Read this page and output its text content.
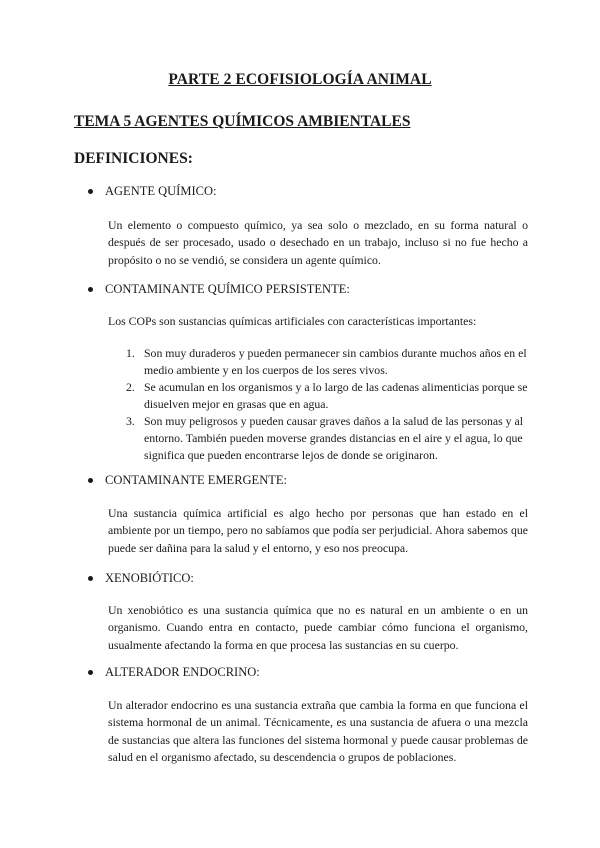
PARTE 2 ECOFISIOLOGÍA ANIMAL
TEMA 5 AGENTES QUÍMICOS AMBIENTALES
DEFINICIONES:
AGENTE QUÍMICO:
Un elemento o compuesto químico, ya sea solo o mezclado, en su forma natural o después de ser procesado, usado o desechado en un trabajo, incluso si no fue hecho a propósito o no se vendió, se considera un agente químico.
CONTAMINANTE QUÍMICO PERSISTENTE:
Los COPs son sustancias químicas artificiales con características importantes:
1. Son muy duraderos y pueden permanecer sin cambios durante muchos años en el medio ambiente y en los cuerpos de los seres vivos.
2. Se acumulan en los organismos y a lo largo de las cadenas alimenticias porque se disuelven mejor en grasas que en agua.
3. Son muy peligrosos y pueden causar graves daños a la salud de las personas y al entorno. También pueden moverse grandes distancias en el aire y el agua, lo que significa que pueden encontrarse lejos de donde se originaron.
CONTAMINANTE EMERGENTE:
Una sustancia química artificial es algo hecho por personas que han estado en el ambiente por un tiempo, pero no sabíamos que podía ser perjudicial. Ahora sabemos que puede ser dañina para la salud y el entorno, y eso nos preocupa.
XENOBIÓTICO:
Un xenobiótico es una sustancia química que no es natural en un ambiente o en un organismo. Cuando entra en contacto, puede cambiar cómo funciona el organismo, usualmente afectando la forma en que procesa las sustancias en su cuerpo.
ALTERADOR ENDOCRINO:
Un alterador endocrino es una sustancia extraña que cambia la forma en que funciona el sistema hormonal de un animal. Técnicamente, es una sustancia de afuera o una mezcla de sustancias que altera las funciones del sistema hormonal y puede causar problemas de salud en el organismo afectado, su descendencia o grupos de poblaciones.
